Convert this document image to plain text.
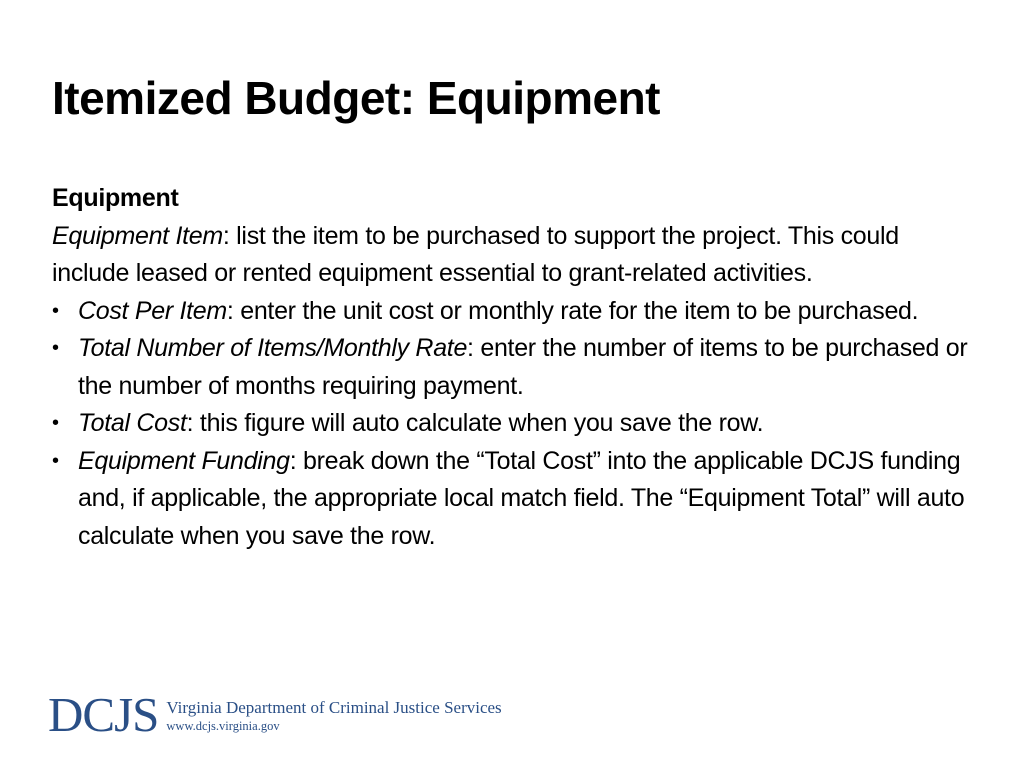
Itemized Budget: Equipment

Equipment

Equipment Item: list the item to be purchased to support the project. This could include leased or rented equipment essential to grant-related activities.

• Cost Per Item: enter the unit cost or monthly rate for the item to be purchased.
• Total Number of Items/Monthly Rate: enter the number of items to be purchased or the number of months requiring payment.
• Total Cost: this figure will auto calculate when you save the row.
• Equipment Funding: break down the “Total Cost” into the applicable DCJS funding and, if applicable, the appropriate local match field. The “Equipment Total” will auto calculate when you save the row.
DCJS Virginia Department of Criminal Justice Services
www.dcjs.virginia.gov
